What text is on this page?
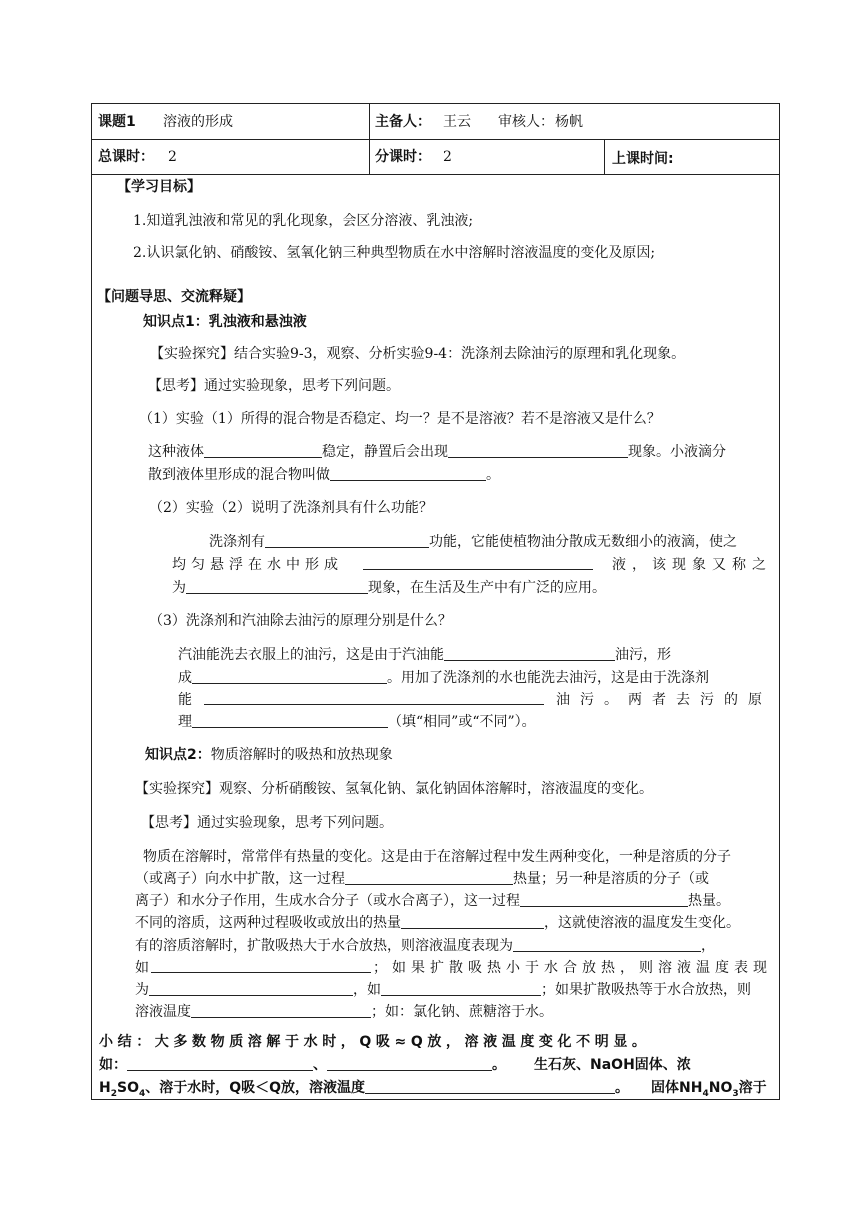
课题1 溶液的形成	主备人： 王云 审核人： 杨帆
总课时： 2	分课时： 2	上课时间:
【学习目标】
1.知道乳浊液和常见的乳化现象，会区分溶液、乳浊液;
2.认识氯化钠、硝酸铵、氢氧化钠三种典型物质在水中溶解时溶液温度的变化及原因;
【问题导思、交流释疑】
知识点1：乳浊液和悬浊液
【实验探究】结合实验9-3，观察、分析实验9-4：洗涤剂去除油污的原理和乳化现象。
【思考】通过实验现象，思考下列问题。
（1）实验（1）所得的混合物是否稳定、均一？是不是溶液？若不是溶液又是什么？
这种液体	稳定，静置后会出现	现象。小液滴分
散到液体里形成的混合物叫做	。
（2）实验（2）说明了洗涤剂具有什么功能？
洗涤剂有	功能，它能使植物油分散成无数细小的液滴，使之
均匀悬浮在水中形成	液，该现象又称之
为	现象，在生活及生产中有广泛的应用。
（3）洗涤剂和汽油除去油污的原理分别是什么？
汽油能洗去衣服上的油污，这是由于汽油能	油污，形
成	。用加了洗涤剂的水也能洗去油污，这是由于洗涤剂
能	油污。两者去污的原
理	（填“相同”或“不同”）。
知识点2：物质溶解时的吸热和放热现象
【实验探究】观察、分析硝酸铵、氢氧化钠、氯化钠固体溶解时，溶液温度的变化。
【思考】通过实验现象，思考下列问题。
物质在溶解时，常常伴有热量的变化。这是由于在溶解过程中发生两种变化，一种是溶质的分子
（或离子）向水中扩散，这一过程	热量；另一种是溶质的分子（或
离子）和水分子作用，生成水合分子（或水合离子），这一过程	热量。
不同的溶质，这两种过程吸收或放出的热量	，这就使溶液的温度发生变化。
有的溶质溶解时，扩散吸热大于水合放热，则溶液温度表现为	，
如	；如果扩散吸热小于水合放热，则溶液温度表现
为	，如	；如果扩散吸热等于水合放热，则
溶液温度	；如：氯化钠、蔗糖溶于水。
小结：大多数物质溶解于水时，Q吸≈Q放，溶液温度变化不明显。
如：	、	。 生石灰、NaOH固体、浓
$H_2SO_4$、溶于水时，Q吸＜Q放，溶液温度	。 固体$NH_4NO_3$溶于
